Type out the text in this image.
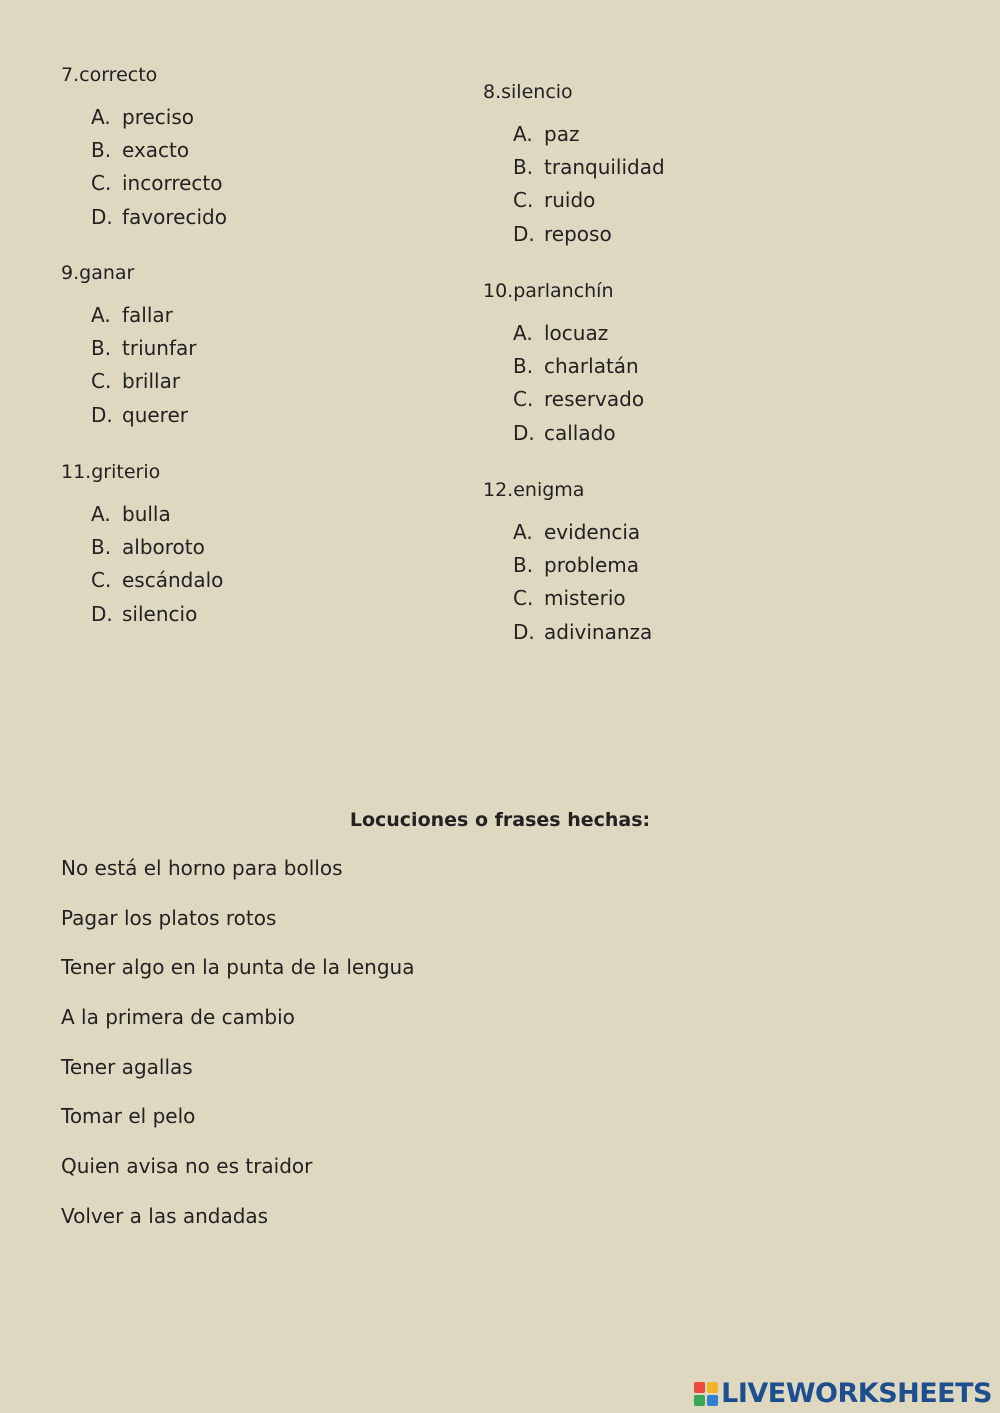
7.correcto
A. preciso
B. exacto
C. incorrecto
D. favorecido
8.silencio
A. paz
B. tranquilidad
C. ruido
D. reposo
9.ganar
A. fallar
B. triunfar
C. brillar
D. querer
10.parlanchín
A. locuaz
B. charlatán
C. reservado
D. callado
11.griterio
A. bulla
B. alboroto
C. escándalo
D. silencio
12.enigma
A. evidencia
B. problema
C. misterio
D. adivinanza
Locuciones o frases hechas:
No está el horno para bollos
Pagar los platos rotos
Tener algo en la punta de la lengua
A la primera de cambio
Tener agallas
Tomar el pelo
Quien avisa no es traidor
Volver a las andadas
LIVEWORKSHEETS
